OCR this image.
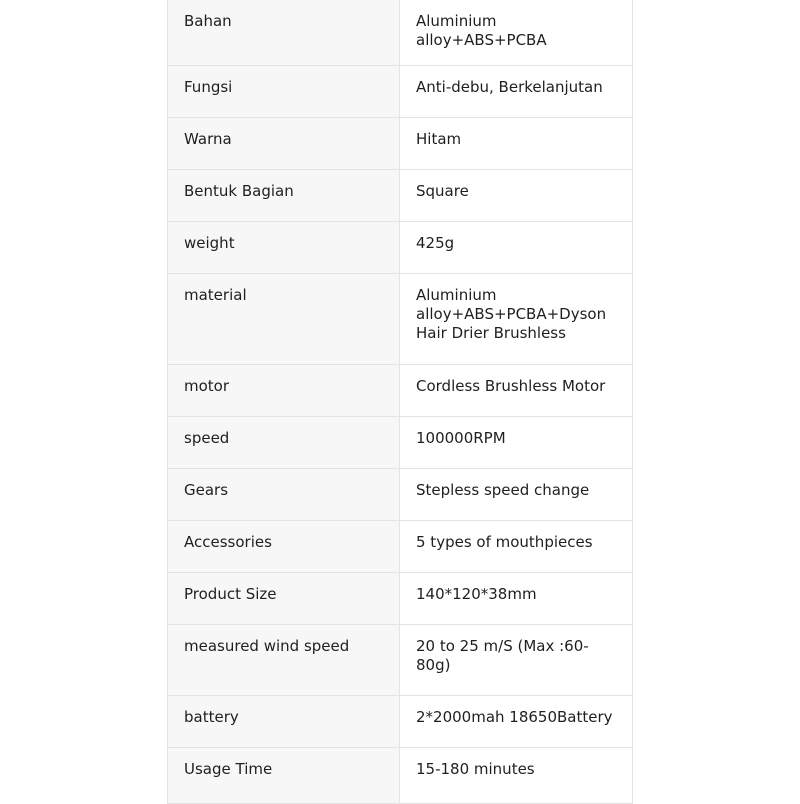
Bahan	Aluminium alloy+ABS+PCBA
Fungsi	Anti-debu, Berkelanjutan
Warna	Hitam
Bentuk Bagian	Square
weight	425g
material	Aluminium alloy+ABS+PCBA+Dyson Hair Drier Brushless
motor	Cordless Brushless Motor
speed	100000RPM
Gears	Stepless speed change
Accessories	5 types of mouthpieces
Product Size	140*120*38mm
measured wind speed	20 to 25 m/S (Max :60-80g)
battery	2*2000mah 18650Battery
Usage Time	15-180 minutes
